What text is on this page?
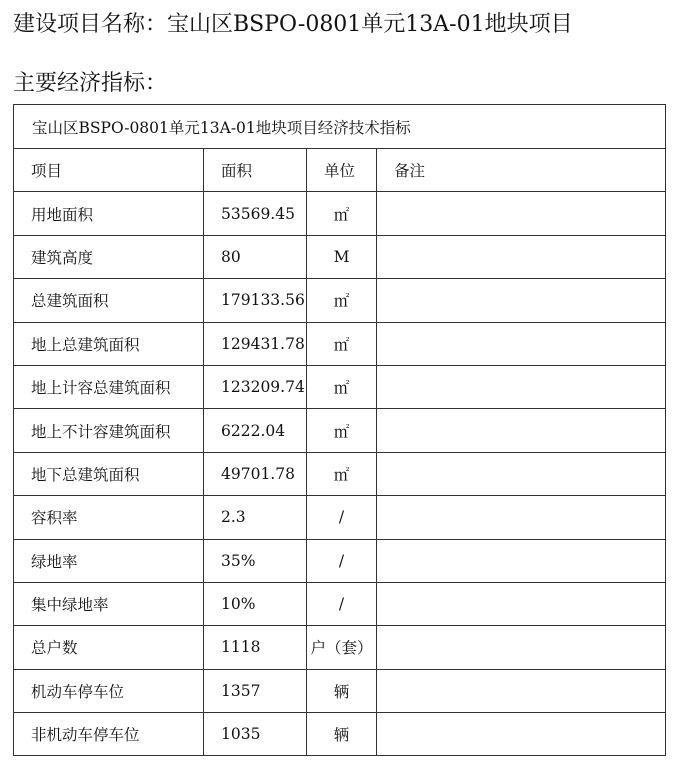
建设项目名称：宝山区BSPO-0801单元13A-01地块项目
主要经济指标：
宝山区BSPO-0801单元13A-01地块项目经济技术指标			
项目	面积	单位	备注
用地面积	53569.45	㎡	
建筑高度	80	M	
总建筑面积	179133.56	㎡	
地上总建筑面积	129431.78	㎡	
地上计容总建筑面积	123209.74	㎡	
地上不计容建筑面积	6222.04	㎡	
地下总建筑面积	49701.78	㎡	
容积率	2.3	/	
绿地率	35%	/	
集中绿地率	10%	/	
总户数	1118	户（套）	
机动车停车位	1357	辆	
非机动车停车位	1035	辆	
